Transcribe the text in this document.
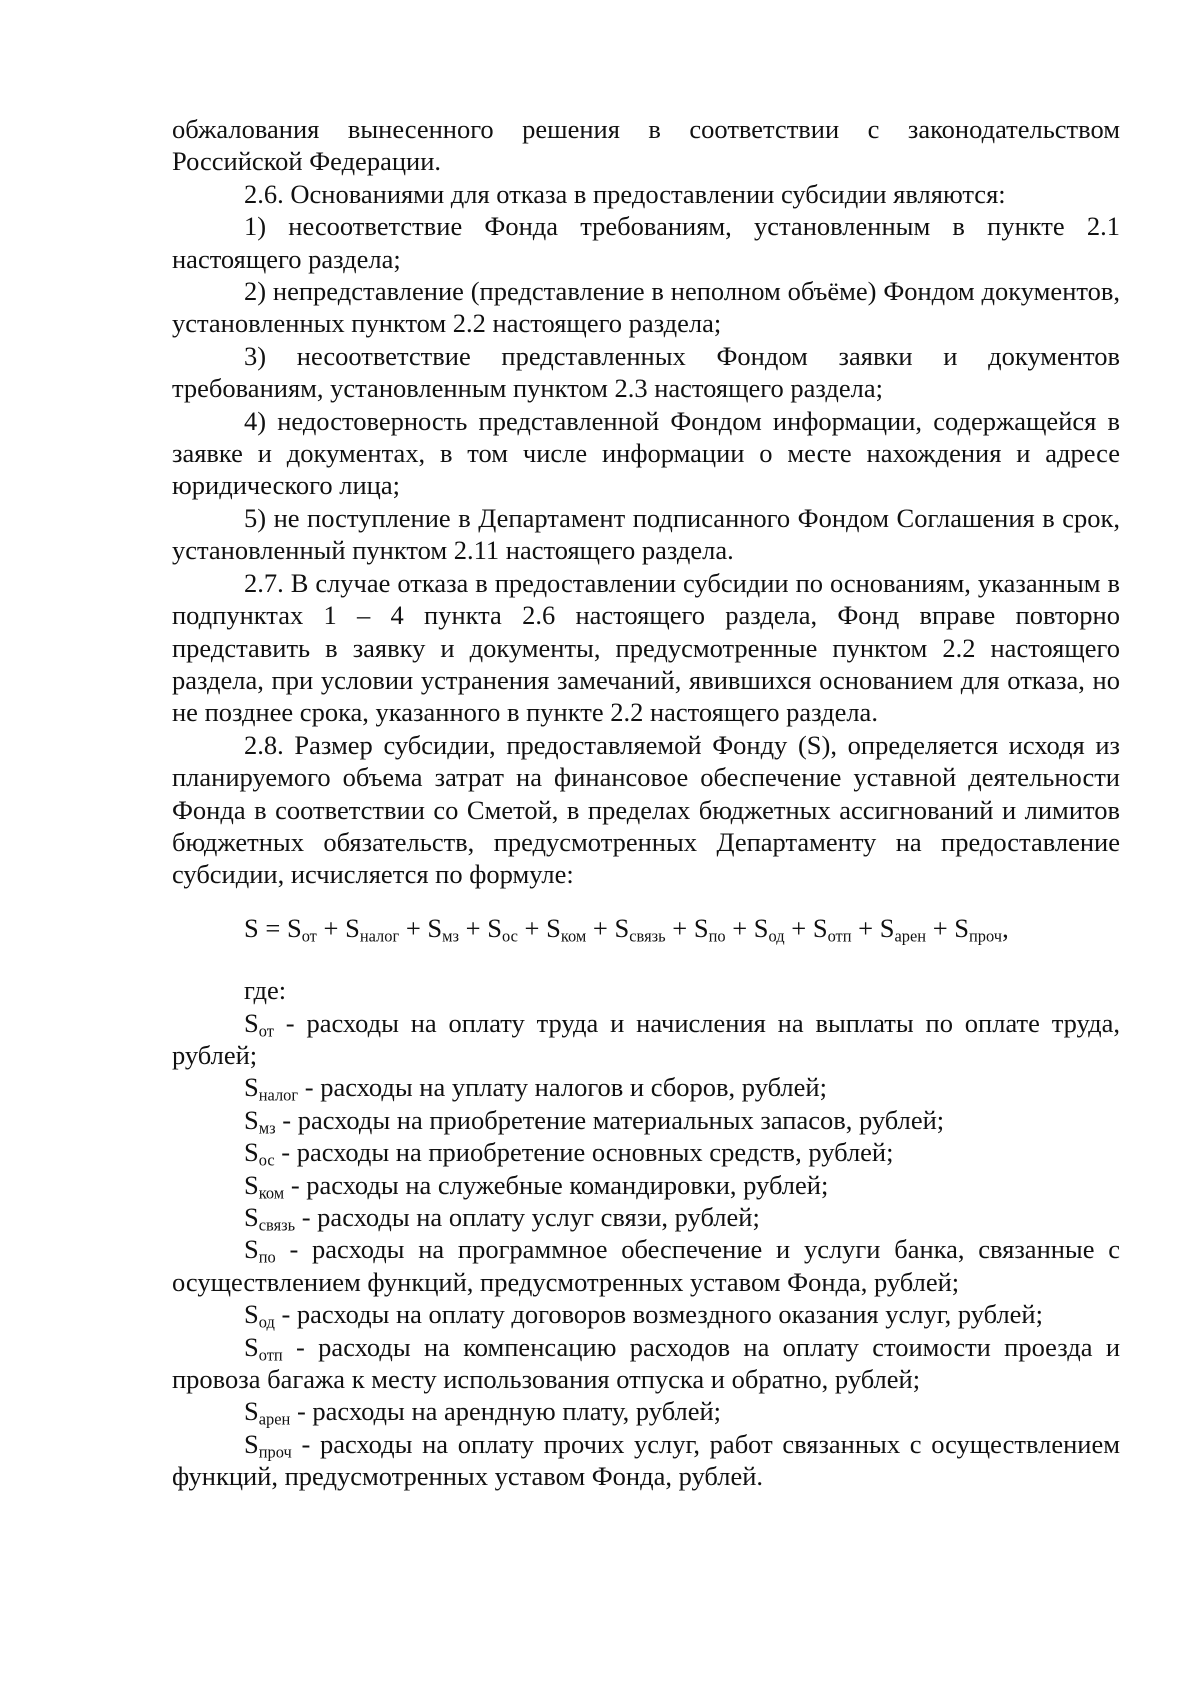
обжалования вынесенного решения в соответствии с законодательством Российской Федерации.

2.6. Основаниями для отказа в предоставлении субсидии являются:

1) несоответствие Фонда требованиям, установленным в пункте 2.1 настоящего раздела;

2) непредставление (представление в неполном объёме) Фондом документов, установленных пунктом 2.2 настоящего раздела;

3) несоответствие представленных Фондом заявки и документов требованиям, установленным пунктом 2.3 настоящего раздела;

4) недостоверность представленной Фондом информации, содержащейся в заявке и документах, в том числе информации о месте нахождения и адресе юридического лица;

5) не поступление в Департамент подписанного Фондом Соглашения в срок, установленный пунктом 2.11 настоящего раздела.

2.7. В случае отказа в предоставлении субсидии по основаниям, указанным в подпунктах 1 – 4 пункта 2.6 настоящего раздела, Фонд вправе повторно представить в заявку и документы, предусмотренные пунктом 2.2 настоящего раздела, при условии устранения замечаний, явившихся основанием для отказа, но не позднее срока, указанного в пункте 2.2 настоящего раздела.

2.8. Размер субсидии, предоставляемой Фонду (S), определяется исходя из планируемого объема затрат на финансовое обеспечение уставной деятельности Фонда в соответствии со Сметой, в пределах бюджетных ассигнований и лимитов бюджетных обязательств, предусмотренных Департаменту на предоставление субсидии, исчисляется по формуле:

$S = S_{от} + S_{налог} + S_{мз} + S_{ос} + S_{ком} + S_{связь} + S_{по} + S_{од} + S_{отп} + S_{арен} + S_{проч}$,

где:

$S_{от}$ - расходы на оплату труда и начисления на выплаты по оплате труда, рублей;

$S_{налог}$ - расходы на уплату налогов и сборов, рублей;

$S_{мз}$ - расходы на приобретение материальных запасов, рублей;

$S_{ос}$ - расходы на приобретение основных средств, рублей;

$S_{ком}$ - расходы на служебные командировки, рублей;

$S_{связь}$ - расходы на оплату услуг связи, рублей;

$S_{по}$ - расходы на программное обеспечение и услуги банка, связанные с осуществлением функций, предусмотренных уставом Фонда, рублей;

$S_{од}$ - расходы на оплату договоров возмездного оказания услуг, рублей;

$S_{отп}$ - расходы на компенсацию расходов на оплату стоимости проезда и провоза багажа к месту использования отпуска и обратно, рублей;

$S_{арен}$ - расходы на арендную плату, рублей;

$S_{проч}$ - расходы на оплату прочих услуг, работ связанных с осуществлением функций, предусмотренных уставом Фонда, рублей.
